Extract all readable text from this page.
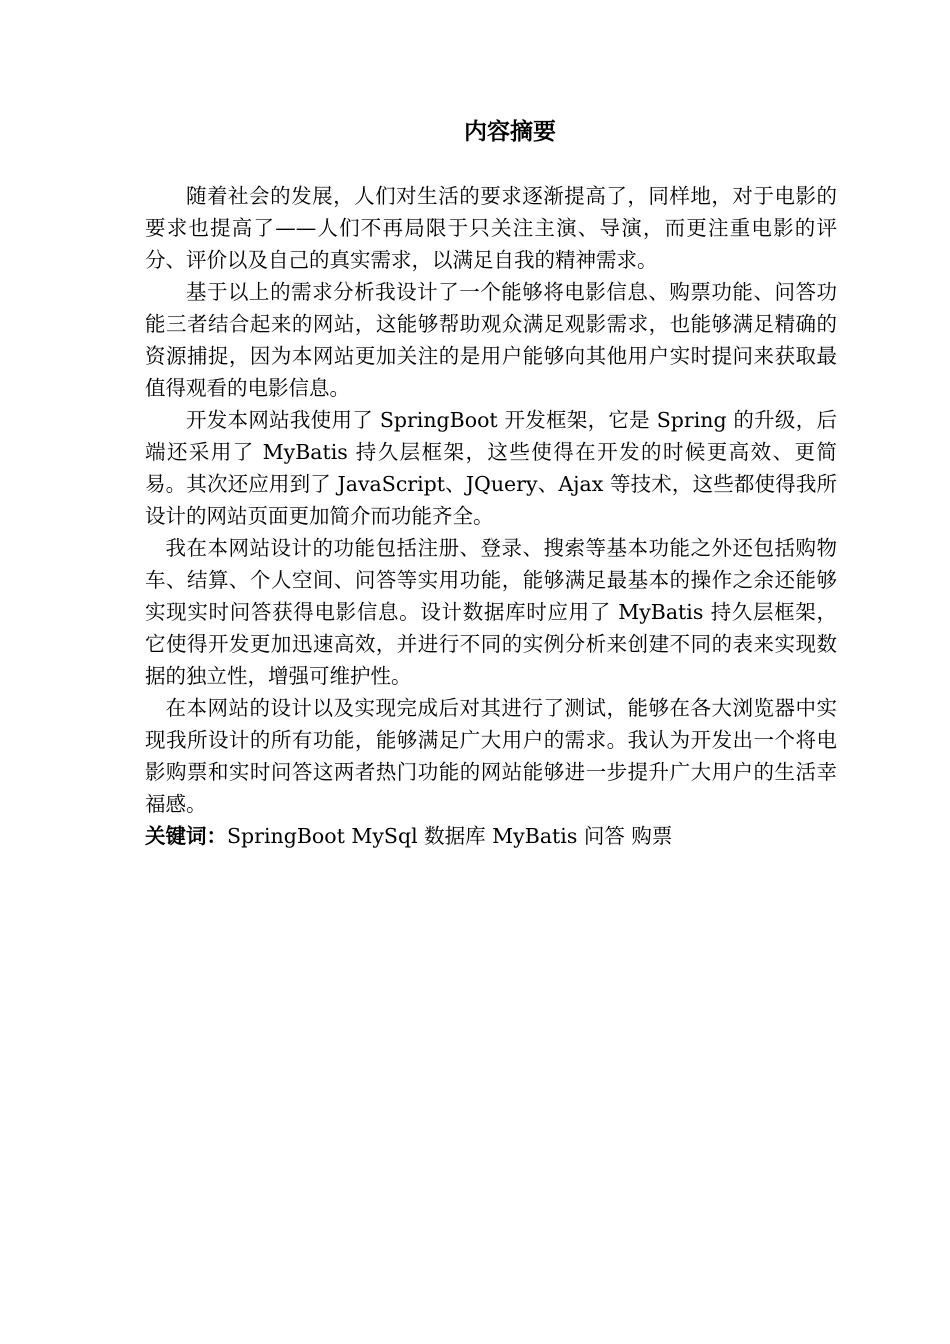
内容摘要

随着社会的发展，人们对生活的要求逐渐提高了，同样地，对于电影的要求也提高了——人们不再局限于只关注主演、导演，而更注重电影的评分、评价以及自己的真实需求，以满足自我的精神需求。

基于以上的需求分析我设计了一个能够将电影信息、购票功能、问答功能三者结合起来的网站，这能够帮助观众满足观影需求，也能够满足精确的资源捕捉，因为本网站更加关注的是用户能够向其他用户实时提问来获取最值得观看的电影信息。

开发本网站我使用了 SpringBoot 开发框架，它是 Spring 的升级，后端还采用了 MyBatis 持久层框架，这些使得在开发的时候更高效、更简易。其次还应用到了 JavaScript、JQuery、Ajax 等技术，这些都使得我所设计的网站页面更加简介而功能齐全。

我在本网站设计的功能包括注册、登录、搜索等基本功能之外还包括购物车、结算、个人空间、问答等实用功能，能够满足最基本的操作之余还能够实现实时问答获得电影信息。设计数据库时应用了 MyBatis 持久层框架，它使得开发更加迅速高效，并进行不同的实例分析来创建不同的表来实现数据的独立性，增强可维护性。

在本网站的设计以及实现完成后对其进行了测试，能够在各大浏览器中实现我所设计的所有功能，能够满足广大用户的需求。我认为开发出一个将电影购票和实时问答这两者热门功能的网站能够进一步提升广大用户的生活幸福感。

关键词：SpringBoot MySql 数据库 MyBatis 问答 购票
